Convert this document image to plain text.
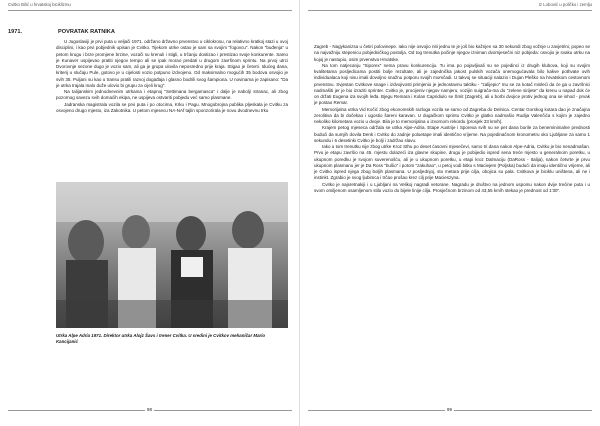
Cvitko Bilić u hrvatskoj biciklizmu
1971.	POVRATAK RATNIKA

U Jugoslaviji je prvi puta u veljači 1971. održano državno prvenstvo u ciklokrosu, na relativno kratkoj stazi u ovoj disciplini, i kao prvi pobjednik upisan je Cvitko. Tijekom utrke ostao je sam sa svojim "fogovcu". Nakon "buđenja" u petom krugu i brze promjene brzine, vozači su krenuli i stigli, u trčanju dostizao i prestizao svoje konkurente. Samo je Kunaver uspijevao pratiti njegov tempo ali se ipak morao predati u drugom završnom sprintu. Na prvoj utrci Dvorovnje sezone dugo je vozio sam, ali ga je grupa ulovila neposredno prije kraja. Stigao je četvrti. Idućeg dana, kriterij u slučaju Pule, gotovo je u cijelosti vozio potpuno izdvojeno. Od maksimalno mogućih 35 bodova osvojio je svih 35. Puljani su kao u transu pratili razvoj događaja i glasno bodrili svog šampiona. U novinama je zapisano: "Da je utrka trajala malo duže ulovio bi grupu za cijeli krug".

Na talijanskim jednodnevnim utrkama i etapnoj "Settimana bergamasca" i dalje je nabolji stranac, ali zbog pozornog savezu svih domaćih ekipa, ne uspijeva ostvariti pobjedu već samo plasmane.

Jadranska magistrala vozila se prvi puta i po otocima, Krku i Pagu. Mnogobrojna publika pljeskala je Cvitku za osvojeno drugo mjesto, iza Zakotnika. U petom mjesecu NA-NAf tajlin sponzorirala je novu dvodnevnu trku

Utrka Alpe Adria 1971. Direktor utrka Alojz Šavs i trener Cvitka. U sredini je Cvitkov mehaničar Mario Kancijanić
98
Iz Lobović u poličko i zemlju

Zagreb - Nagykanizsa u četiri polovinepe. Iako nije osvojio niti jednu te je još bio kažnjen sa 30 sekundi zbog vožnje u zavjetrini, popeo se na najvažniju stepenicu pobjedničkog postolja. Od tog trenutka počinje njegov izniman dvomjesečni niz pobjeda: osvojio je svaku utrku na kojoj je nastupio, osim prvenstva Hrvatske.

Na tom natjecanju "Siporex" nema pravu konkurenciju. Tu ima po pojavljivali su se pojedinci iz drugih klubova, koji su svojim kvalitetama posljedicama postiti bolje rezultate, ali je zajednička jakost pulskih vozača onemogućavala bilo kakve pothvate ovih individualaca koji nisu imali dovoljno snažnu potporu svojih momčadi. U takvoj se situaciji nalazio i Dujan Pleško na hrvatskom cestovnom prvenstvu. Svjestan Cvitkove snage i izdvojivosti primjenio je jednostavnu taktiku - "zalijepio" mu se za kotač misleći da će ga u završnici nadmašiti jer je bio izraziti sprinter. Cvitko je, procijeniv njegov namjeru, vozijin suigrača-ma do "zelene sirijete" da krenu u napad dok će on držati Eugena iza svojih leđa. Bjegu Remara i Kolan Capridiulo se Šmit (Zagreb), ali u borbi dvojice protiv jednog ona se ishod - prvak je postao Remar.

Memorijalna utrka Vid Kočić zbog ekonomskih razloga vozila se samo od Zagreba do Delnica. Centar Gorskog kotara dao je značajna zerolitiva da bi dočekao i ugostio šareni karavan. U dugačkom sprintu Cvitko je glatko nadmašio Rudija Valenčića s kojim je zajedno nekoliko kilometara vozio u dvoje. Bila je to memorijalna u izvornom rekordu (prosjek 33 km/h).

Krajem petog mjeseca održala se utrka Alpe-Adria. Etape Austrije i Sporexa svih su se pet dana borile za beneminimalne prednosti budući da sumjih dovila Denk i Cvitko do zadnje poluetape imali identično vrijeme. Na pojedinačnom kronometru oko Ljubljane za samo 1 sekundu i 6 desetinki Cvitko je bolji i zadržao slavu.

Iako u tom trenutku nije zbog utrke Kroz Sthu po deset ćasovni mjesečevi, samo tri dana nakon Alpe-Adria, Cvitko je bio nenadmašan. Prvu je etapu završio na 45. mjestu dolazeći iza glavne skupine, drugu je pobijedio ispred sena treće mjesto u generalnom poretku, u ukupnom poredku je svojom suverenošću, ali je u ukupnom poretku, u etapi kroz Dalmaciju (DaRoss - Italija), nakon četvrte je prvu ukupnom plasmanu jer je Da Ross "bušio" i potom "zakuhao", u petoj vodi bitku s Maciejem (Poljska) budući da imaju identično vrijeme, ali je Cvitko ispred njega zbog boljih plasmana. U posljednjoj, sto metara prije cilja, obojica su pala. Cvitkova je biciklu uništena, ali ne i instinkt. Zgrabio je svog ljubimca i trčao prošao krez cilj prije Macieszyna.

Cvitko je najsretnakiji i u Ljubljani na Velikoj nagradi vetorane. Nagradu je društvo na jednom uspomu nakon dvije trećine puta i u svom omiljenom osamljenom stilu vozio do bijele linije cilja. Prosječnom brzinom od 43,55 km/h stekao je prednost od 1'30".

99
